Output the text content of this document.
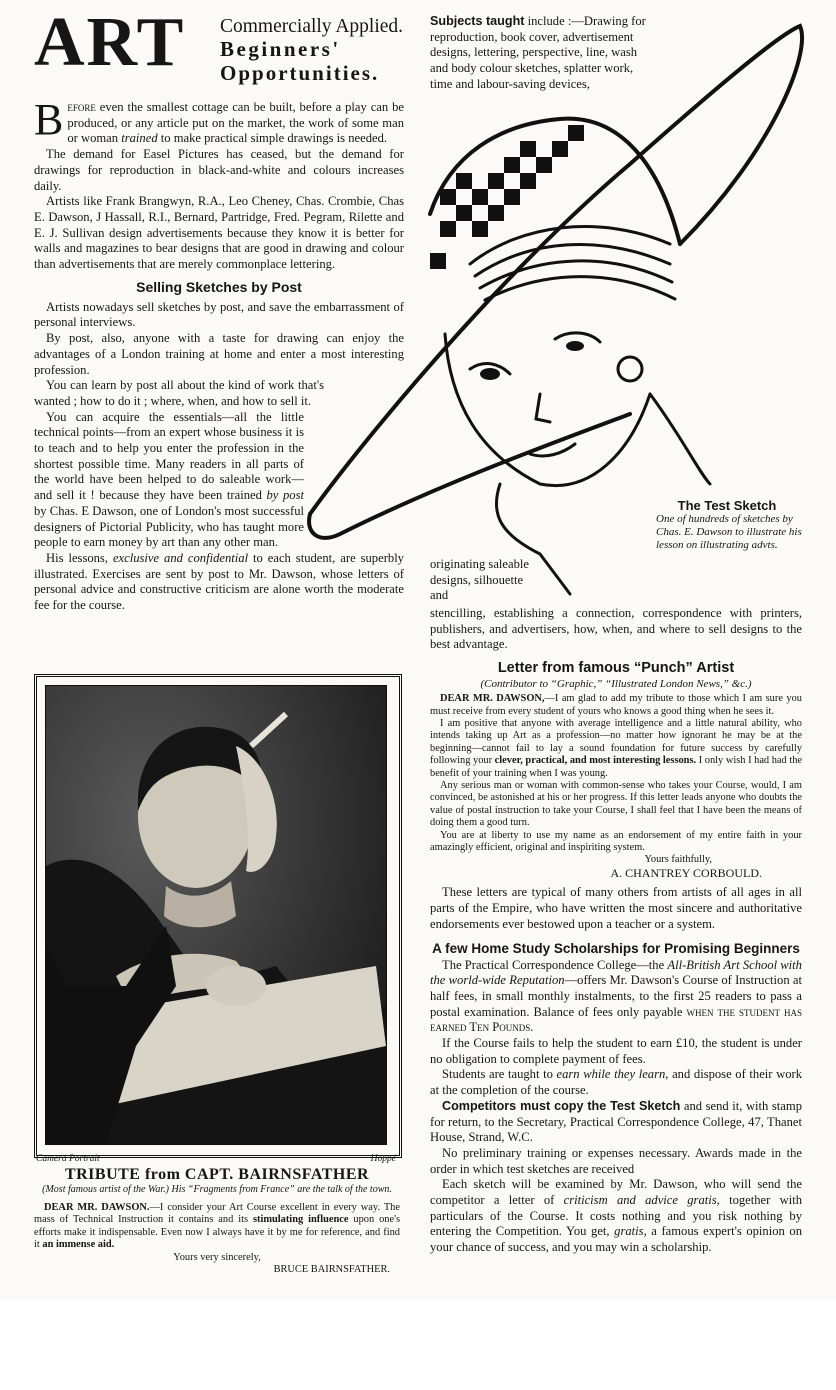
ART Commercially Applied.
Beginners'
Opportunities.

Before even the smallest cottage can be built, before a play can be produced, or any article put on the market, the work of some man or woman trained to make practical simple drawings is needed.

The demand for Easel Pictures has ceased, but the demand for drawings for reproduction in black-and-white and colours increases daily.

Artists like Frank Brangwyn, R.A., Leo Cheney, Chas. Crombie, Chas E. Dawson, J Hassall, R.I., Bernard, Partridge, Fred. Pegram, Rilette and E. J. Sullivan design advertisements because they know it is better for walls and magazines to bear designs that are good in drawing and colour than advertisements that are merely commonplace lettering.

Selling Sketches by Post

Artists nowadays sell sketches by post, and save the embarrassment of personal interviews.

By post, also, anyone with a taste for drawing can enjoy the advantages of a London training at home and enter a most interesting profession.

You can learn by post all about the kind of work that's wanted ; how to do it ; where, when, and how to sell it.

You can acquire the essentials—all the little technical points—from an expert whose business it is to teach and to help you enter the profession in the shortest possible time. Many readers in all parts of the world have been helped to do saleable work—and sell it ! because they have been trained by post by Chas. E Dawson, one of London's most successful designers of Pictorial Publicity, who has taught more people to earn money by art than any other man.

His lessons, exclusive and confidential to each student, are superbly illustrated. Exercises are sent by post to Mr. Dawson, whose letters of personal advice and constructive criticism are alone worth the moderate fee for the course.

Camera Portrait	Hoppé
TRIBUTE from CAPT. BAIRNSFATHER
(Most famous artist of the War.) His “Fragments from France” are the talk of the town.

DEAR MR. DAWSON.—I consider your Art Course excellent in every way. The mass of Technical Instruction it contains and its stimulating influence upon one's efforts make it indispensable. Even now I always have it by me for reference, and find it an immense aid.

Yours very sincerely,
BRUCE BAIRNSFATHER.

Subjects taught include :—Drawing for reproduction, book cover, advertisement designs, lettering, perspective, line, wash and body colour sketches, splatter work, time and labour-saving devices,

The Test Sketch
One of hundreds of sketches by Chas. E. Dawson to illustrate his lesson on illustrating advts.

originating saleable designs, silhouette and

stencilling, establishing a connection, correspondence with printers, publishers, and advertisers, how, when, and where to sell designs to the best advantage.

Letter from famous “Punch” Artist
(Contributor to “Graphic,” “Illustrated London News,” &c.)

DEAR MR. DAWSON,—I am glad to add my tribute to those which I am sure you must receive from every student of yours who knows a good thing when he sees it.

I am positive that anyone with average intelligence and a little natural ability, who intends taking up Art as a profession—no matter how ignorant he may be at the beginning—cannot fail to lay a sound foundation for future success by carefully following your clever, practical, and most interesting lessons. I only wish I had had the benefit of your training when I was young.

Any serious man or woman with common-sense who takes your Course, would, I am convinced, be astonished at his or her progress. If this letter leads anyone who doubts the value of postal instruction to take your Course, I shall feel that I have been the means of doing them a good turn.

You are at liberty to use my name as an endorsement of my entire faith in your amazingly efficient, original and inspiriting system.

Yours faithfully,
A. CHANTREY CORBOULD.

These letters are typical of many others from artists of all ages in all parts of the Empire, who have written the most sincere and authoritative endorsements ever bestowed upon a teacher or a system.

A few Home Study Scholarships for Promising Beginners

The Practical Correspondence College—the All-British Art School with the world-wide Reputation—offers Mr. Dawson's Course of Instruction at half fees, in small monthly instalments, to the first 25 readers to pass a postal examination. Balance of fees only payable when the student has earned Ten Pounds.

If the Course fails to help the student to earn £10, the student is under no obligation to complete payment of fees.

Students are taught to earn while they learn, and dispose of their work at the completion of the course.

Competitors must copy the Test Sketch and send it, with stamp for return, to the Secretary, Practical Correspondence College, 47, Thanet House, Strand, W.C.

No preliminary training or expenses necessary. Awards made in the order in which test sketches are received

Each sketch will be examined by Mr. Dawson, who will send the competitor a letter of criticism and advice gratis, together with particulars of the Course. It costs nothing and you risk nothing by entering the Competition. You get, gratis, a famous expert's opinion on your chance of success, and you may win a scholarship.
